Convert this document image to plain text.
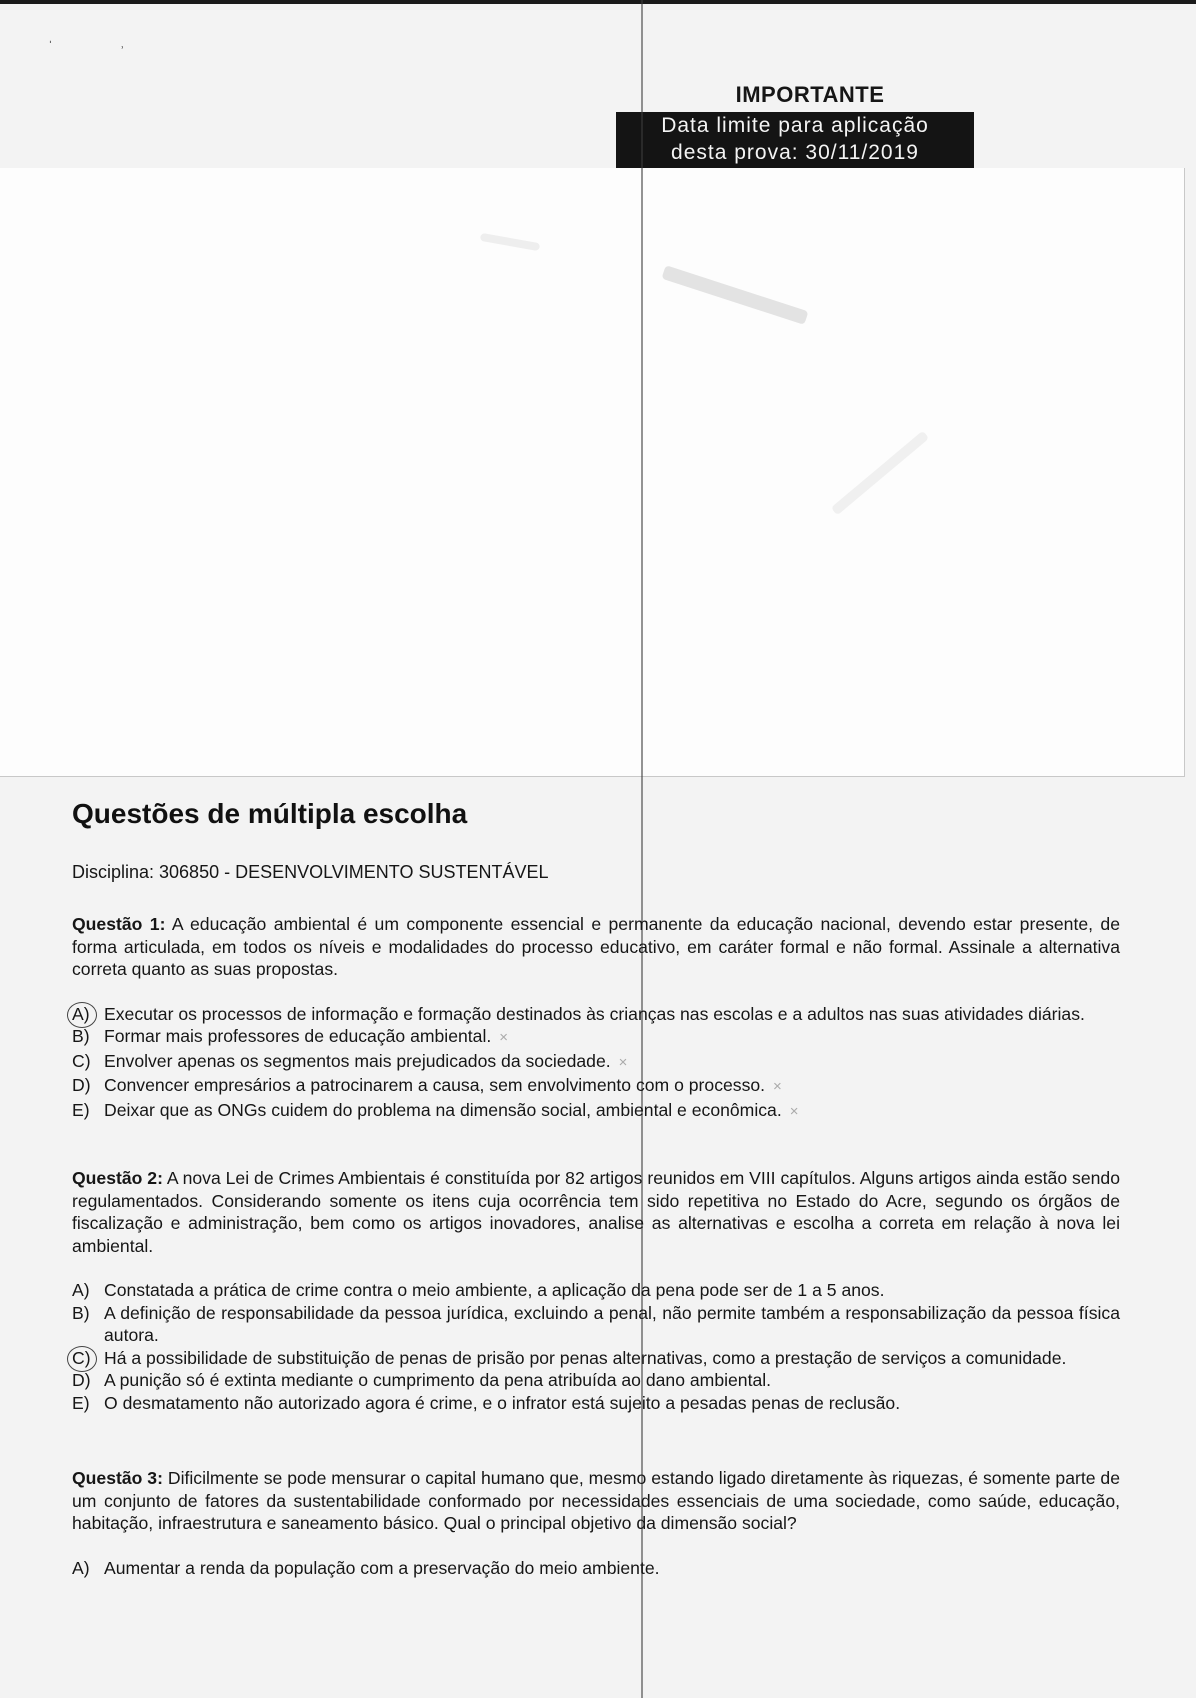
ˈ	˒
IMPORTANTE
Data limite para aplicação
desta prova: 30/11/2019
Questões de múltipla escolha
Disciplina: 306850 - DESENVOLVIMENTO SUSTENTÁVEL

Questão 1: A educação ambiental é um componente essencial e permanente da educação nacional, devendo estar presente, de forma articulada, em todos os níveis e modalidades do processo educativo, em caráter formal e não formal. Assinale a alternativa correta quanto as suas propostas.

A) Executar os processos de informação e formação destinados às crianças nas escolas e a adultos nas suas atividades diárias.

B) Formar mais professores de educação ambiental. ×

C) Envolver apenas os segmentos mais prejudicados da sociedade. ×

D) Convencer empresários a patrocinarem a causa, sem envolvimento com o processo. ×

E) Deixar que as ONGs cuidem do problema na dimensão social, ambiental e econômica. ×

Questão 2: A nova Lei de Crimes Ambientais é constituída por 82 artigos reunidos em VIII capítulos. Alguns artigos ainda estão sendo regulamentados. Considerando somente os itens cuja ocorrência tem sido repetitiva no Estado do Acre, segundo os órgãos de fiscalização e administração, bem como os artigos inovadores, analise as alternativas e escolha a correta em relação à nova lei ambiental.

A) Constatada a prática de crime contra o meio ambiente, a aplicação da pena pode ser de 1 a 5 anos.

B) A definição de responsabilidade da pessoa jurídica, excluindo a penal, não permite também a responsabilização da pessoa física autora.

C) Há a possibilidade de substituição de penas de prisão por penas alternativas, como a prestação de serviços a comunidade.

D) A punição só é extinta mediante o cumprimento da pena atribuída ao dano ambiental.

E) O desmatamento não autorizado agora é crime, e o infrator está sujeito a pesadas penas de reclusão.

Questão 3: Dificilmente se pode mensurar o capital humano que, mesmo estando ligado diretamente às riquezas, é somente parte de um conjunto de fatores da sustentabilidade conformado por necessidades essenciais de uma sociedade, como saúde, educação, habitação, infraestrutura e saneamento básico. Qual o principal objetivo da dimensão social?

A) Aumentar a renda da população com a preservação do meio ambiente.
